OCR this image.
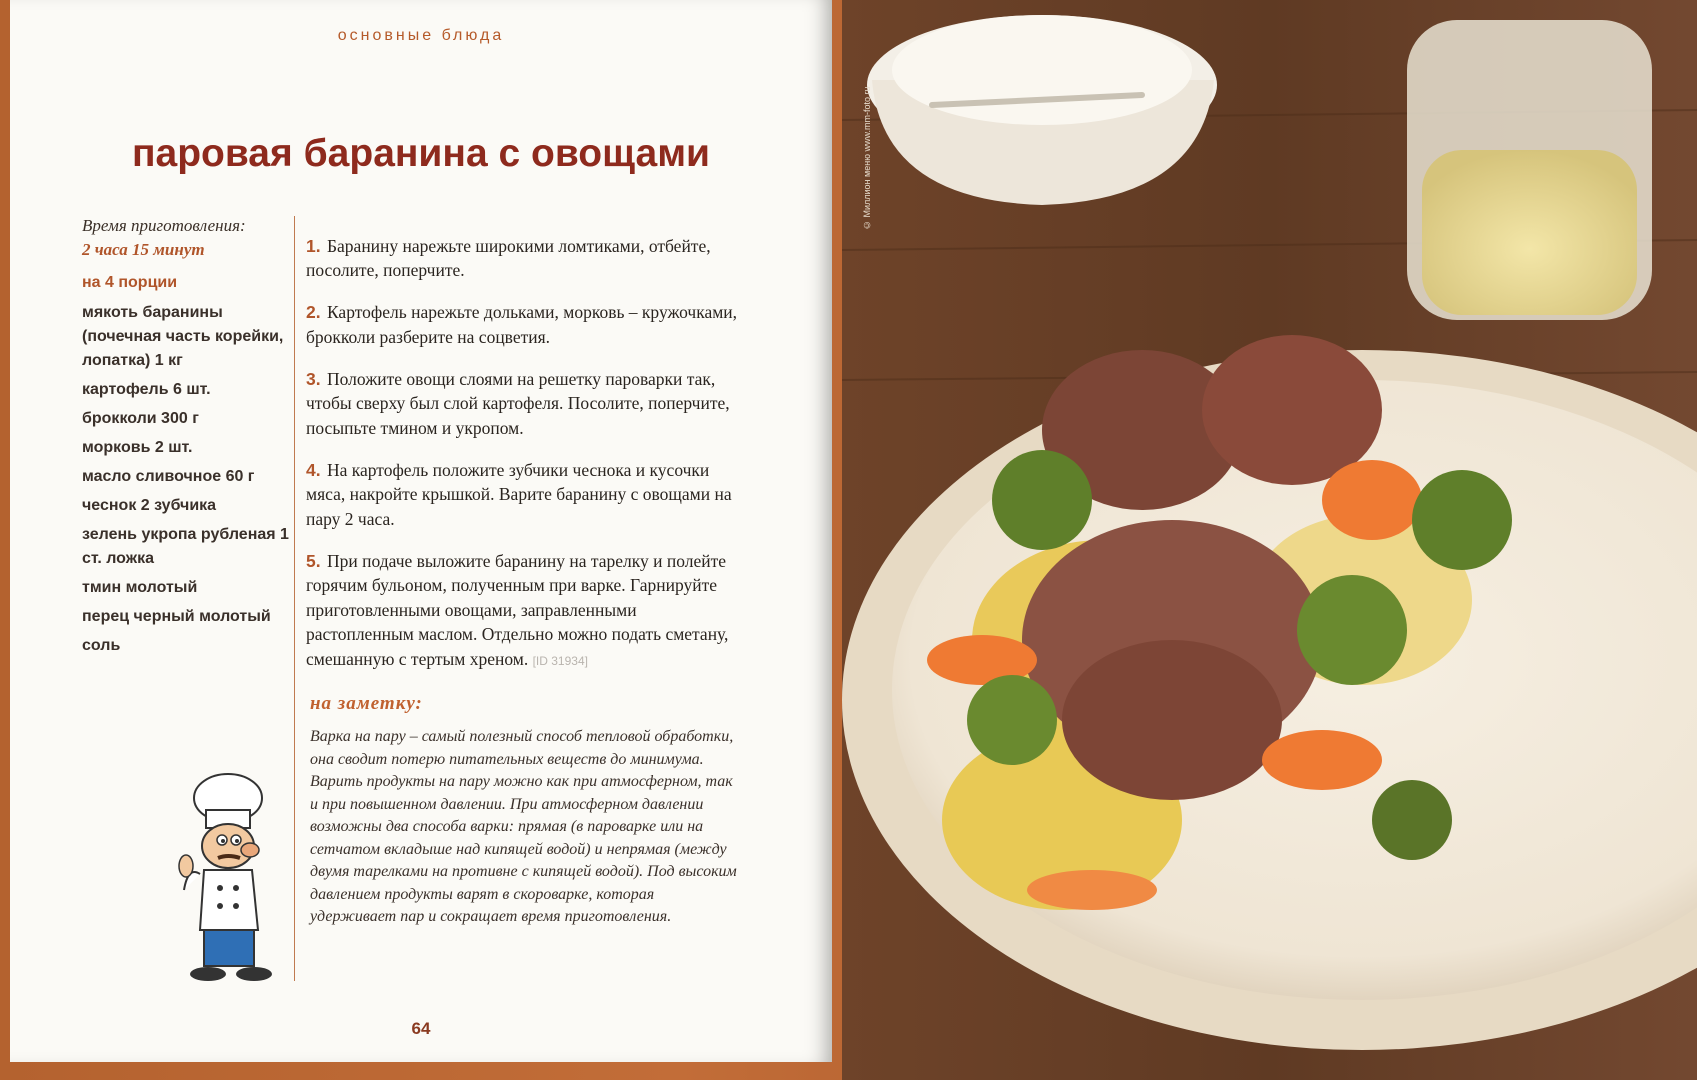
основные блюда
паровая баранина с овощами
Время приготовления:
2 часа 15 минут
на 4 порции
мякоть баранины (почечная часть корейки, лопатка) 1 кг
картофель 6 шт.
брокколи 300 г
морковь 2 шт.
масло сливочное 60 г
чеснок 2 зубчика
зелень укропа рубленая 1 ст. ложка
тмин молотый
перец черный молотый
соль

1. Баранину нарежьте широкими ломтиками, отбейте, посолите, поперчите.

2. Картофель нарежьте дольками, морковь – кружочками, брокколи разберите на соцветия.

3. Положите овощи слоями на решетку пароварки так, чтобы сверху был слой картофеля. Посолите, поперчите, посыпьте тмином и укропом.

4. На картофель положите зубчики чеснока и кусочки мяса, накройте крышкой. Варите баранину с овощами на пару 2 часа.

5. При подаче выложите баранину на тарелку и полейте горячим бульоном, полученным при варке. Гарнируйте приготовленными овощами, заправленными растопленным маслом. Отдельно можно подать сметану, смешанную с тертым хреном. [ID 31934]

на заметку:
Варка на пару – самый полезный способ тепловой обработки, она сводит потерю питательных веществ до минимума. Варить продукты на пару можно как при атмосферном, так и при повышенном давлении. При атмосферном давлении возможны два способа варки: прямая (в пароварке или на сетчатом вкладыше над кипящей водой) и непрямая (между двумя тарелками на противне с кипящей водой). Под высоким давлением продукты варят в скороварке, которая удерживает пар и сокращает время приготовления.
64
© Миллион меню www.mm-foto.ru
